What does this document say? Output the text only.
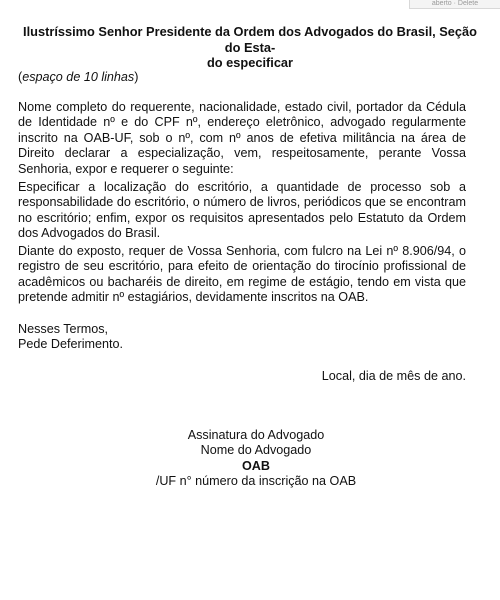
aberto · Delete

Ilustríssimo Senhor Presidente da Ordem dos Advogados do Brasil, Seção do Esta-
do especificar

(espaço de 10 linhas)

Nome completo do requerente, nacionalidade, estado civil, portador da Cédula de Identidade nº e do CPF nº, endereço eletrônico, advogado regularmente inscrito na OAB-UF, sob o nº, com nº anos de efetiva militância na área de Direito declarar a especialização, vem, respeitosamente, perante Vossa Senhoria, expor e requerer o seguinte:

Especificar a localização do escritório, a quantidade de processo sob a responsabilidade do escritório, o número de livros, periódicos que se encontram no escritório; enfim, expor os requisitos apresentados pelo Estatuto da Ordem dos Advogados do Brasil.

Diante do exposto, requer de Vossa Senhoria, com fulcro na Lei nº 8.906/94, o registro de seu escritório, para efeito de orientação do tirocínio profissional de acadêmicos ou bacharéis de direito, em regime de estágio, tendo em vista que pretende admitir nº estagiários, devidamente inscritos na OAB.

Nesses Termos,
Pede Deferimento.

Local, dia de mês de ano.

Assinatura do Advogado
Nome do Advogado
OAB
/UF n° número da inscrição na OAB
